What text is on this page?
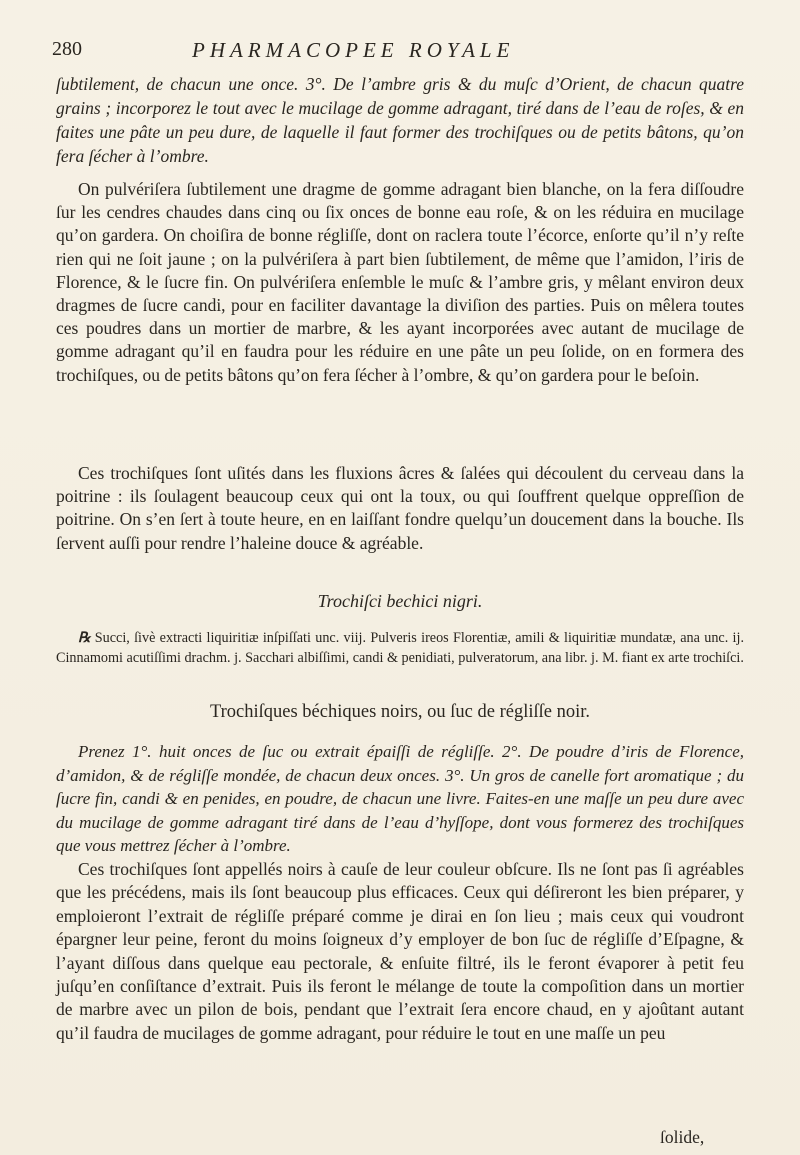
280	PHARMACOPEE ROYALE
ſubtilement, de chacun une once. 3°. De l’ambre gris & du muſc d’Orient, de chacun quatre grains ; incorporez le tout avec le mucilage de gomme adragant, tiré dans de l’eau de roſes, & en faites une pâte un peu dure, de laquelle il faut former des trochiſques ou de petits bâtons, qu’on fera ſécher à l’ombre.
On pulvériſera ſubtilement une dragme de gomme adragant bien blanche, on la fera diſſoudre ſur les cendres chaudes dans cinq ou ſix onces de bonne eau roſe, & on les réduira en mucilage qu’on gardera. On choiſira de bonne régliſſe, dont on raclera toute l’écorce, enſorte qu’il n’y reſte rien qui ne ſoit jaune ; on la pulvériſera à part bien ſubtilement, de même que l’amidon, l’iris de Florence, & le ſucre fin. On pulvériſera enſemble le muſc & l’ambre gris, y mêlant environ deux dragmes de ſucre candi, pour en faciliter davantage la diviſion des parties. Puis on mêlera toutes ces poudres dans un mortier de marbre, & les ayant incorporées avec autant de mucilage de gomme adragant qu’il en faudra pour les réduire en une pâte un peu ſolide, on en formera des trochiſques, ou de petits bâtons qu’on fera ſécher à l’ombre, & qu’on gardera pour le beſoin.
Ces trochiſques ſont uſités dans les fluxions âcres & ſalées qui découlent du cerveau dans la poitrine : ils ſoulagent beaucoup ceux qui ont la toux, ou qui ſouffrent quelque oppreſſion de poitrine. On s’en ſert à toute heure, en en laiſſant fondre quelqu’un doucement dans la bouche. Ils ſervent auſſi pour rendre l’haleine douce & agréable.
Trochiſci bechici nigri.
℞ Succi, ſivè extracti liquiritiæ inſpiſſati unc. viij. Pulveris ireos Florentiæ, amili & liquiritiæ mundatæ, ana unc. ij. Cinnamomi acutiſſimi drachm. j. Sacchari albiſſimi, candi & penidiati, pulveratorum, ana libr. j. M. fiant ex arte trochiſci.
Trochiſques béchiques noirs, ou ſuc de régliſſe noir.
Prenez 1°. huit onces de ſuc ou extrait épaiſſi de régliſſe. 2°. De poudre d’iris de Florence, d’amidon, & de régliſſe mondée, de chacun deux onces. 3°. Un gros de canelle fort aromatique ; du ſucre fin, candi & en penides, en poudre, de chacun une livre. Faites-en une maſſe un peu dure avec du mucilage de gomme adragant tiré dans de l’eau d’hyſſope, dont vous formerez des trochiſques que vous mettrez ſécher à l’ombre.
Ces trochiſques ſont appellés noirs à cauſe de leur couleur obſcure. Ils ne ſont pas ſi agréables que les précédens, mais ils ſont beaucoup plus efficaces. Ceux qui déſireront les bien préparer, y emploieront l’extrait de régliſſe préparé comme je dirai en ſon lieu ; mais ceux qui voudront épargner leur peine, feront du moins ſoigneux d’y employer de bon ſuc de régliſſe d’Eſpagne, & l’ayant diſſous dans quelque eau pectorale, & enſuite filtré, ils le feront évaporer à petit feu juſqu’en conſiſtance d’extrait. Puis ils feront le mélange de toute la compoſition dans un mortier de marbre avec un pilon de bois, pendant que l’extrait ſera encore chaud, en y ajoûtant autant qu’il faudra de mucilages de gomme adragant, pour réduire le tout en une maſſe un peu
ſolide,
